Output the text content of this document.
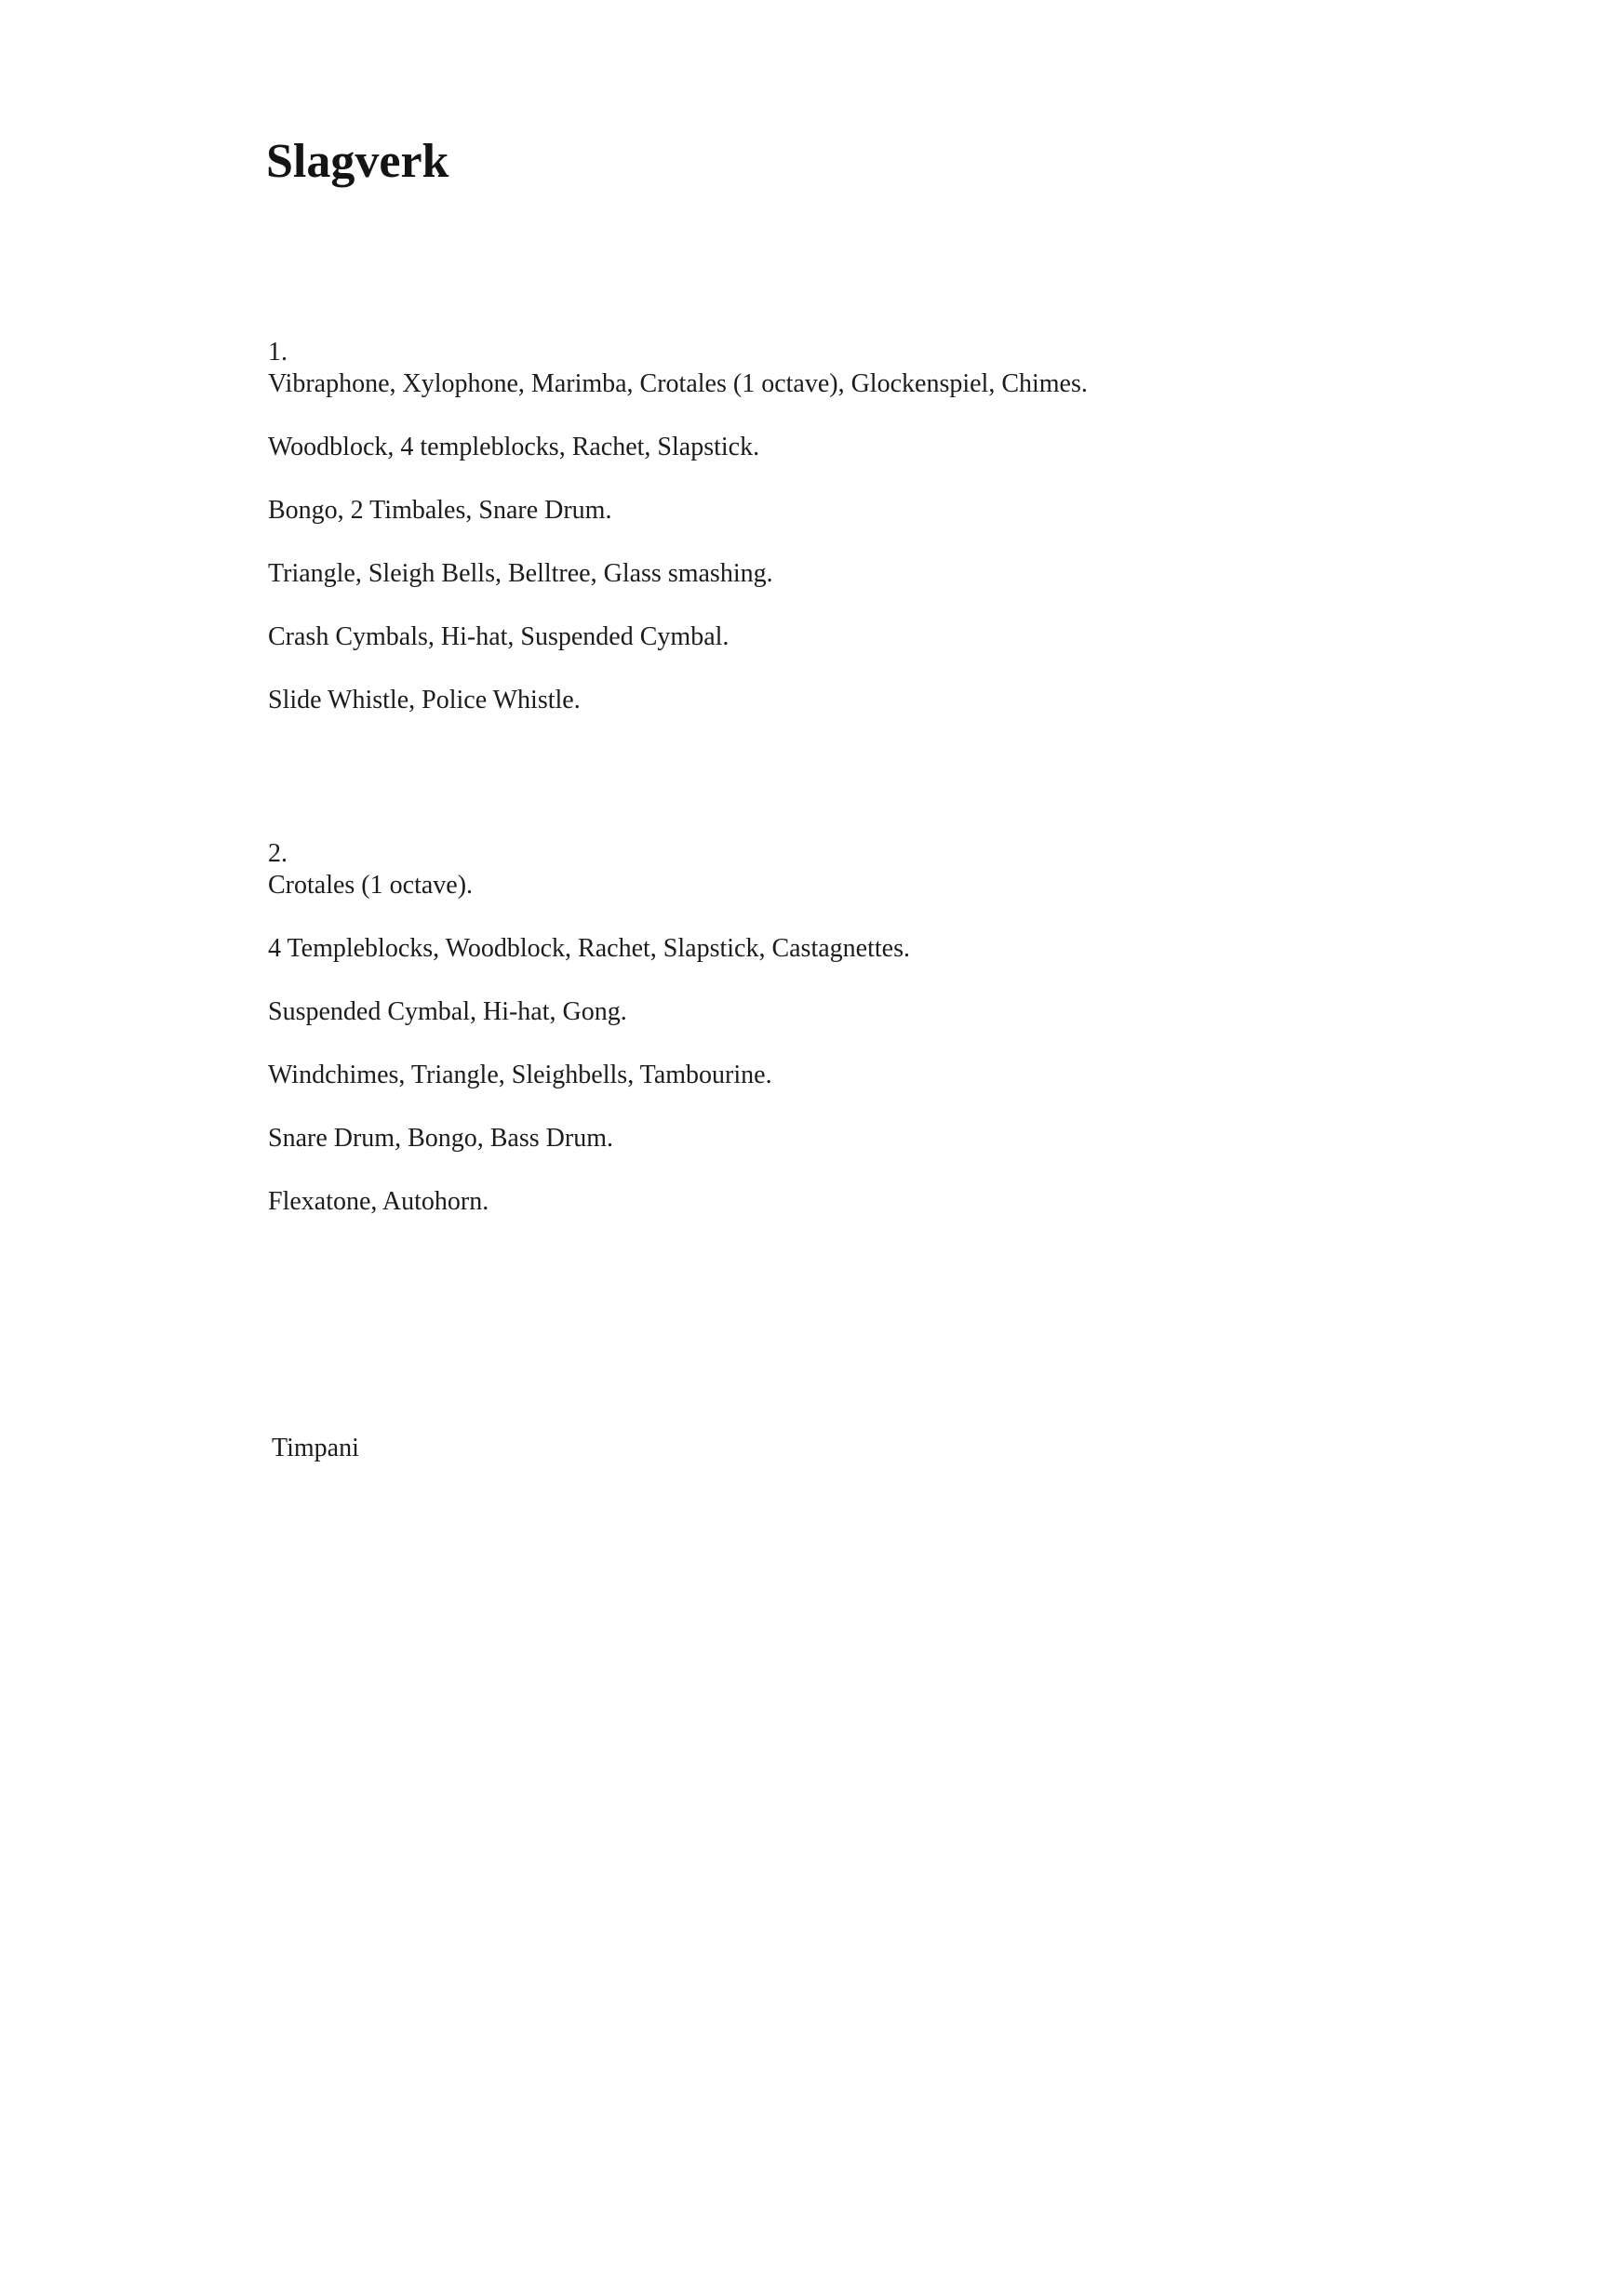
Slagverk

1.

Vibraphone, Xylophone, Marimba, Crotales (1 octave), Glockenspiel, Chimes.
Woodblock, 4 templeblocks, Rachet, Slapstick.
Bongo, 2 Timbales, Snare Drum.
Triangle, Sleigh Bells, Belltree, Glass smashing.
Crash Cymbals, Hi-hat, Suspended Cymbal.
Slide Whistle, Police Whistle.

2.

Crotales (1 octave).
4 Templeblocks, Woodblock, Rachet, Slapstick, Castagnettes.
Suspended Cymbal, Hi-hat, Gong.
Windchimes, Triangle, Sleighbells, Tambourine.
Snare Drum, Bongo, Bass Drum.
Flexatone, Autohorn.

Timpani
